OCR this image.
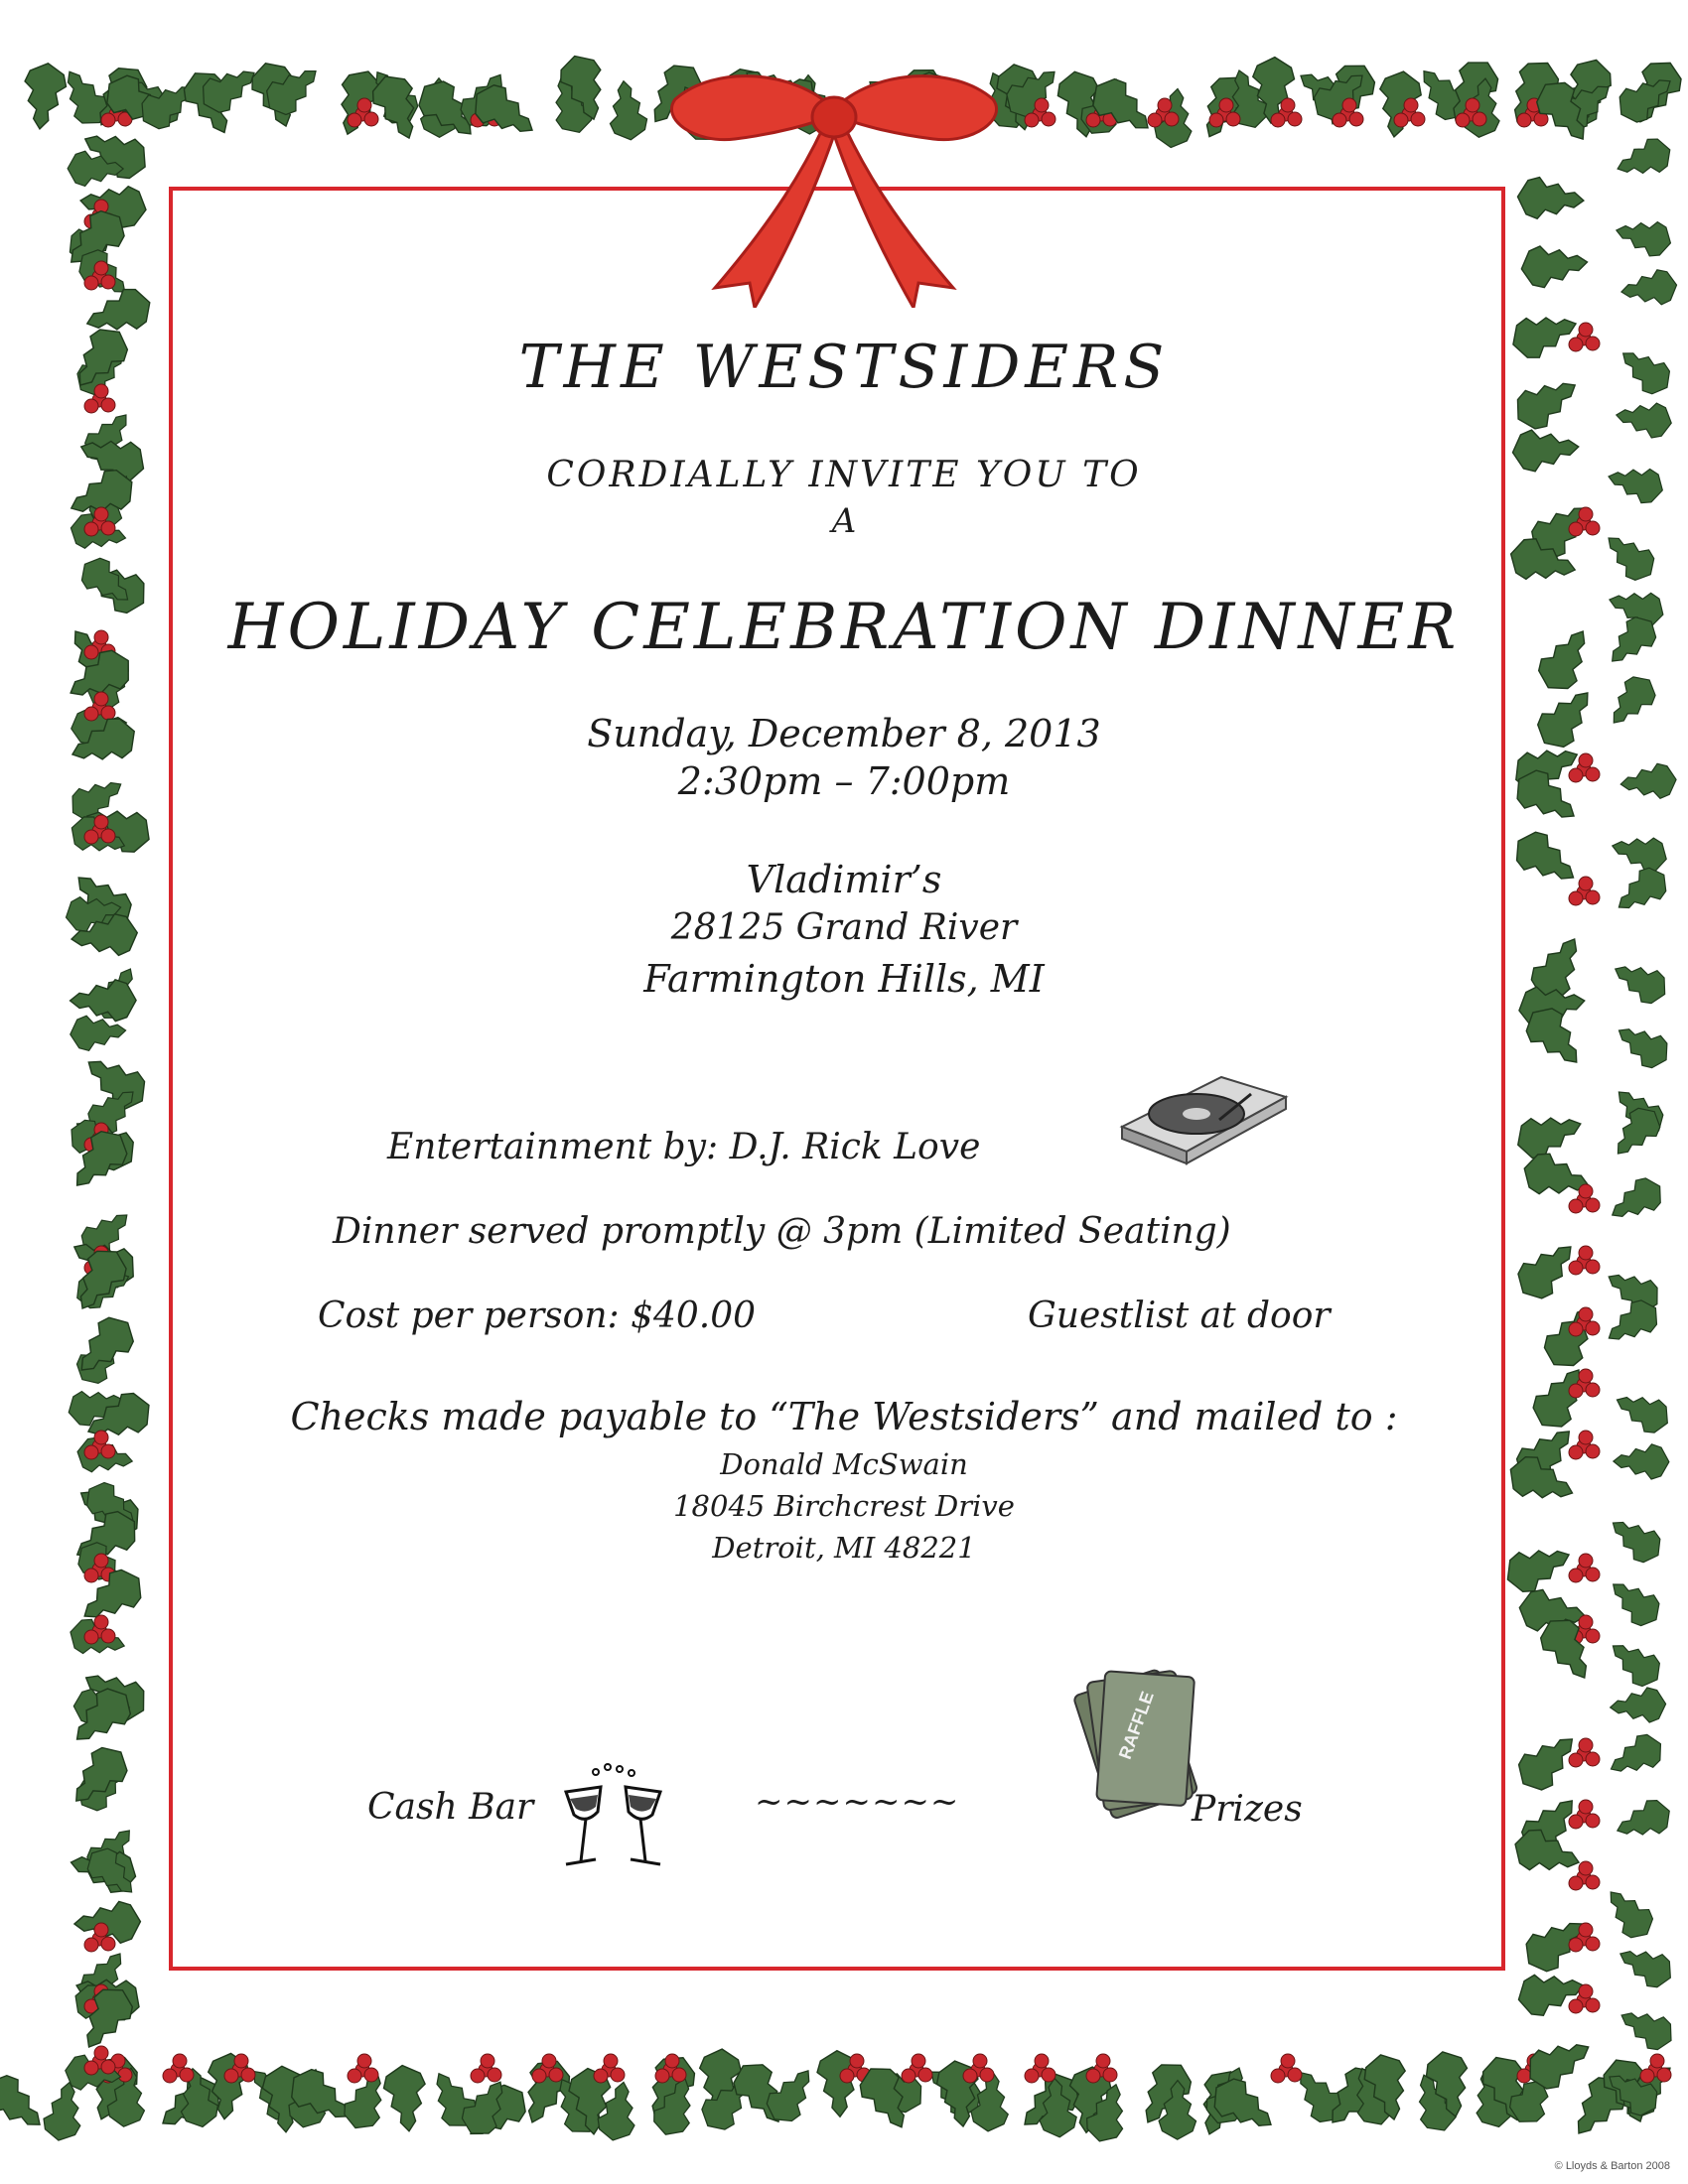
THE WESTSIDERS
CORDIALLY INVITE YOU TO
A
HOLIDAY CELEBRATION DINNER
Sunday, December 8, 2013
2:30pm – 7:00pm
Vladimir’s
28125 Grand River
Farmington Hills, MI
Entertainment by: D.J. Rick Love
Dinner served promptly @ 3pm (Limited Seating)
Cost per person: $40.00	Guestlist at door
Checks made payable to “The Westsiders” and mailed to :
Donald McSwain
18045 Birchcrest Drive
Detroit, MI 48221
Cash Bar	~~~~~~~
RAFFLE
Prizes
© Lloyds & Barton 2008
